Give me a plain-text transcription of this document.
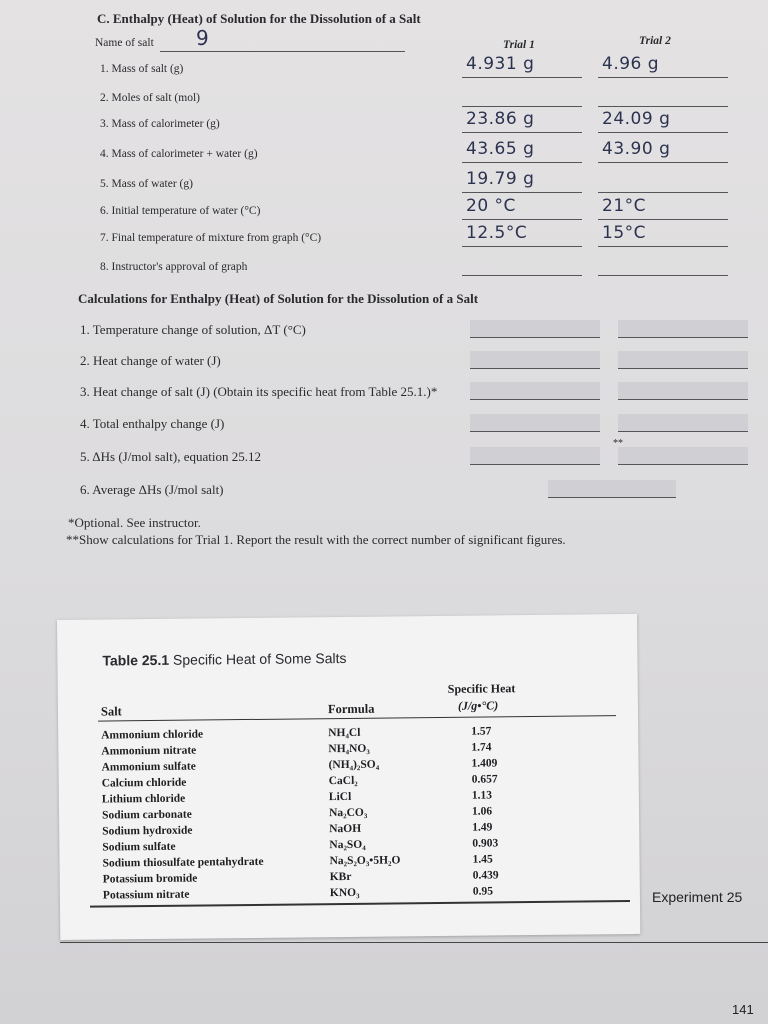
C. Enthalpy (Heat) of Solution for the Dissolution of a Salt
Name of salt 9	Trial 1	Trial 2
1. Mass of salt (g)	4.931 g	4.96 g
2. Moles of salt (mol)
3. Mass of calorimeter (g)	23.86 g	24.09 g
4. Mass of calorimeter + water (g)	43.65 g	43.90 g
5. Mass of water (g)	19.79 g
6. Initial temperature of water (°C)	20 °C	21°C
7. Final temperature of mixture from graph (°C)	12.5°C	15°C
8. Instructor's approval of graph
Calculations for Enthalpy (Heat) of Solution for the Dissolution of a Salt
1. Temperature change of solution, ΔT (°C)
2. Heat change of water (J)
3. Heat change of salt (J) (Obtain its specific heat from Table 25.1.)*
4. Total enthalpy change (J)
5. ΔHs (J/mol salt), equation 25.12
6. Average ΔHs (J/mol salt)
**
*Optional. See instructor.
**Show calculations for Trial 1. Report the result with the correct number of significant figures.
Table 25.1 Specific Heat of Some Salts
Salt	Formula
Specific Heat
(J/g•°C)
Ammonium chloride	NH₄Cl	1.57
Ammonium nitrate	NH₄NO₃	1.74
Ammonium sulfate	(NH₄)₂SO₄	1.409
Calcium chloride	CaCl₂	0.657
Lithium chloride	LiCl	1.13
Sodium carbonate	Na₂CO₃	1.06
Sodium hydroxide	NaOH	1.49
Sodium sulfate	Na₂SO₄	0.903
Sodium thiosulfate pentahydrate	Na₂S₂O₃•5H₂O	1.45
Potassium bromide	KBr	0.439
Potassium nitrate	KNO₃	0.95	Experiment 25
141
